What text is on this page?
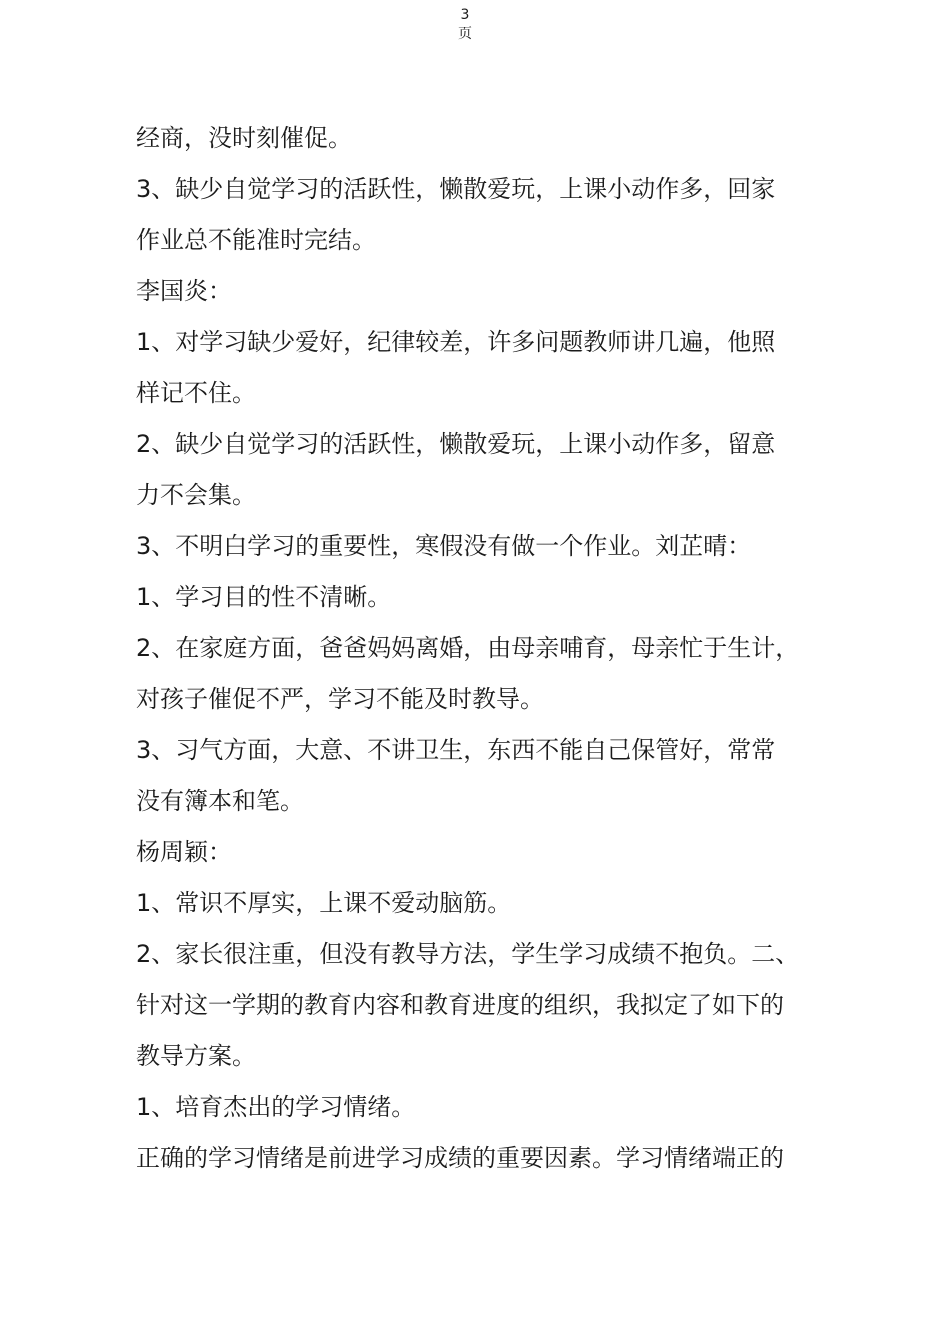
3
页
经商，没时刻催促。
3、缺少自觉学习的活跃性，懒散爱玩，上课小动作多，回家
作业总不能准时完结。
李国炎：
1、对学习缺少爱好，纪律较差，许多问题教师讲几遍，他照
样记不住。
2、缺少自觉学习的活跃性，懒散爱玩，上课小动作多，留意
力不会集。
3、不明白学习的重要性，寒假没有做一个作业。刘芷晴：
1、学习目的性不清晰。
2、在家庭方面，爸爸妈妈离婚，由母亲哺育，母亲忙于生计，
对孩子催促不严，学习不能及时教导。
3、习气方面，大意、不讲卫生，东西不能自己保管好，常常
没有簿本和笔。
杨周颖：
1、常识不厚实，上课不爱动脑筋。
2、家长很注重，但没有教导方法，学生学习成绩不抱负。二、
针对这一学期的教育内容和教育进度的组织，我拟定了如下的
教导方案。
1、培育杰出的学习情绪。
正确的学习情绪是前进学习成绩的重要因素。学习情绪端正的
